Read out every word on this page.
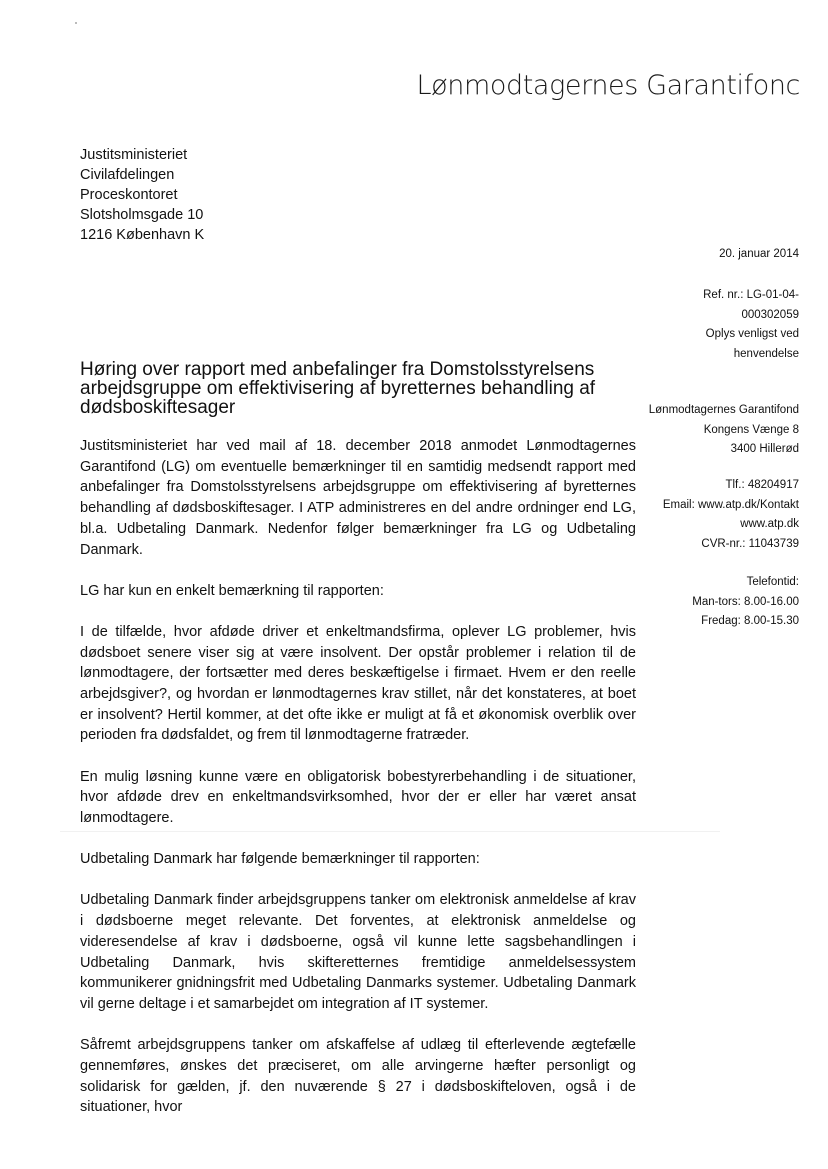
Lønmodtagernes Garantifonc
Justitsministeriet
Civilafdelingen
Proceskontoret
Slotsholmsgade 10
1216 København K
20. januar 2014
Ref. nr.: LG-01-04-
000302059
Oplys venligst ved
henvendelse
Høring over rapport med anbefalinger fra Domstolsstyrelsens arbejdsgruppe om effektivisering af byretternes behandling af dødsboskiftesager	Lønmodtagernes Garantifond
Kongens Vænge 8
3400 Hillerød
Tlf.: 48204917
Email: www.atp.dk/Kontakt
www.atp.dk
CVR-nr.: 11043739
Telefontid:
Man-tors: 8.00-16.00
Fredag: 8.00-15.30

Justitsministeriet har ved mail af 18. december 2018 anmodet Lønmodtagernes Garantifond (LG) om eventuelle bemærkninger til en samtidig medsendt rapport med anbefalinger fra Domstolsstyrelsens arbejdsgruppe om effektivisering af byretternes behandling af dødsboskiftesager. I ATP administreres en del andre ordninger end LG, bl.a. Udbetaling Danmark. Nedenfor følger bemærkninger fra LG og Udbetaling Danmark.

LG har kun en enkelt bemærkning til rapporten:

I de tilfælde, hvor afdøde driver et enkeltmandsfirma, oplever LG problemer, hvis dødsboet senere viser sig at være insolvent. Der opstår problemer i relation til de lønmodtagere, der fortsætter med deres beskæftigelse i firmaet. Hvem er den reelle arbejdsgiver?, og hvordan er lønmodtagernes krav stillet, når det konstateres, at boet er insolvent? Hertil kommer, at det ofte ikke er muligt at få et økonomisk overblik over perioden fra dødsfaldet, og frem til lønmodtagerne fratræder.

En mulig løsning kunne være en obligatorisk bobestyrerbehandling i de situationer, hvor afdøde drev en enkeltmandsvirksomhed, hvor der er eller har været ansat lønmodtagere.

Udbetaling Danmark har følgende bemærkninger til rapporten:

Udbetaling Danmark finder arbejdsgruppens tanker om elektronisk anmeldelse af krav i dødsboerne meget relevante. Det forventes, at elektronisk anmeldelse og videresendelse af krav i dødsboerne, også vil kunne lette sagsbehandlingen i Udbetaling Danmark, hvis skifteretternes fremtidige anmeldelsessystem kommunikerer gnidningsfrit med Udbetaling Danmarks systemer. Udbetaling Danmark vil gerne deltage i et samarbejdet om integration af IT systemer.

Såfremt arbejdsgruppens tanker om afskaffelse af udlæg til efterlevende ægtefælle gennemføres, ønskes det præciseret, om alle arvingerne hæfter personligt og solidarisk for gælden, jf. den nuværende § 27 i dødsboskifteloven, også i de situationer, hvor
